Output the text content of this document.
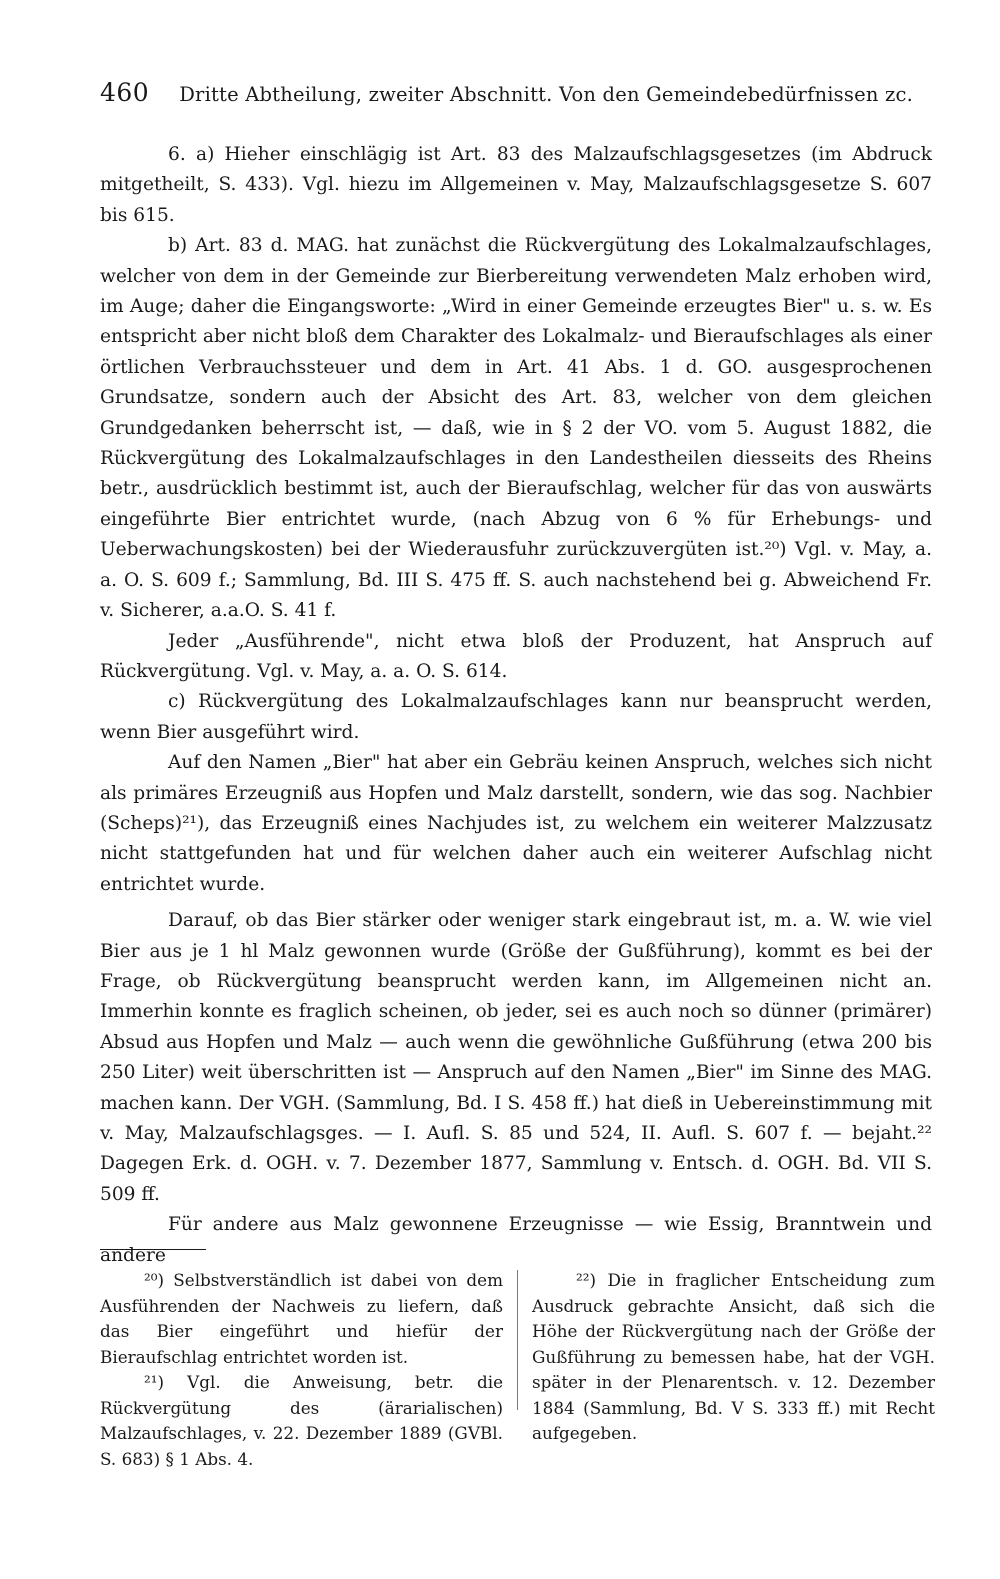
460 Dritte Abtheilung, zweiter Abschnitt. Von den Gemeindebedürfnissen zc.

6. a) Hieher einschlägig ist Art. 83 des Malzaufschlagsgesetzes (im Abdruck mitgetheilt, S. 433). Vgl. hiezu im Allgemeinen v. May, Malzaufschlagsgesetze S. 607 bis 615.

b) Art. 83 d. MAG. hat zunächst die Rückvergütung des Lokalmalzaufschlages, welcher von dem in der Gemeinde zur Bierbereitung verwendeten Malz erhoben wird, im Auge; daher die Eingangsworte: „Wird in einer Gemeinde erzeugtes Bier" u. s. w. Es entspricht aber nicht bloß dem Charakter des Lokalmalz- und Bieraufschlages als einer örtlichen Verbrauchssteuer und dem in Art. 41 Abs. 1 d. GO. ausgesprochenen Grundsatze, sondern auch der Absicht des Art. 83, welcher von dem gleichen Grundgedanken beherrscht ist, — daß, wie in § 2 der VO. vom 5. August 1882, die Rückvergütung des Lokalmalzaufschlages in den Landestheilen diesseits des Rheins betr., ausdrücklich bestimmt ist, auch der Bieraufschlag, welcher für das von auswärts eingeführte Bier entrichtet wurde, (nach Abzug von 6 % für Erhebungs- und Ueberwachungskosten) bei der Wiederausfuhr zurückzuvergüten ist.²⁰) Vgl. v. May, a. a. O. S. 609 f.; Sammlung, Bd. III S. 475 ff. S. auch nachstehend bei g. Abweichend Fr. v. Sicherer, a.a.O. S. 41 f.

Jeder „Ausführende", nicht etwa bloß der Produzent, hat Anspruch auf Rückvergütung. Vgl. v. May, a. a. O. S. 614.

c) Rückvergütung des Lokalmalzaufschlages kann nur beansprucht werden, wenn Bier ausgeführt wird.

Auf den Namen „Bier" hat aber ein Gebräu keinen Anspruch, welches sich nicht als primäres Erzeugniß aus Hopfen und Malz darstellt, sondern, wie das sog. Nachbier (Scheps)²¹), das Erzeugniß eines Nachjudes ist, zu welchem ein weiterer Malzzusatz nicht stattgefunden hat und für welchen daher auch ein weiterer Aufschlag nicht entrichtet wurde.

Darauf, ob das Bier stärker oder weniger stark eingebraut ist, m. a. W. wie viel Bier aus je 1 hl Malz gewonnen wurde (Größe der Gußführung), kommt es bei der Frage, ob Rückvergütung beansprucht werden kann, im Allgemeinen nicht an. Immerhin konnte es fraglich scheinen, ob jeder, sei es auch noch so dünner (primärer) Absud aus Hopfen und Malz — auch wenn die gewöhnliche Gußführung (etwa 200 bis 250 Liter) weit überschritten ist — Anspruch auf den Namen „Bier" im Sinne des MAG. machen kann. Der VGH. (Sammlung, Bd. I S. 458 ff.) hat dieß in Uebereinstimmung mit v. May, Malzaufschlagsges. — I. Aufl. S. 85 und 524, II. Aufl. S. 607 f. — bejaht.²² Dagegen Erk. d. OGH. v. 7. Dezember 1877, Sammlung v. Entsch. d. OGH. Bd. VII S. 509 ff.

Für andere aus Malz gewonnene Erzeugnisse — wie Essig, Branntwein und andere

²⁰) Selbstverständlich ist dabei von dem Ausführenden der Nachweis zu liefern, daß das Bier eingeführt und hiefür der Bieraufschlag entrichtet worden ist.

²¹) Vgl. die Anweisung, betr. die Rückvergütung des (ärarialischen) Malzaufschlages, v. 22. Dezember 1889 (GVBl. S. 683) § 1 Abs. 4.

²²) Die in fraglicher Entscheidung zum Ausdruck gebrachte Ansicht, daß sich die Höhe der Rückvergütung nach der Größe der Gußführung zu bemessen habe, hat der VGH. später in der Plenarentsch. v. 12. Dezember 1884 (Sammlung, Bd. V S. 333 ff.) mit Recht aufgegeben.
